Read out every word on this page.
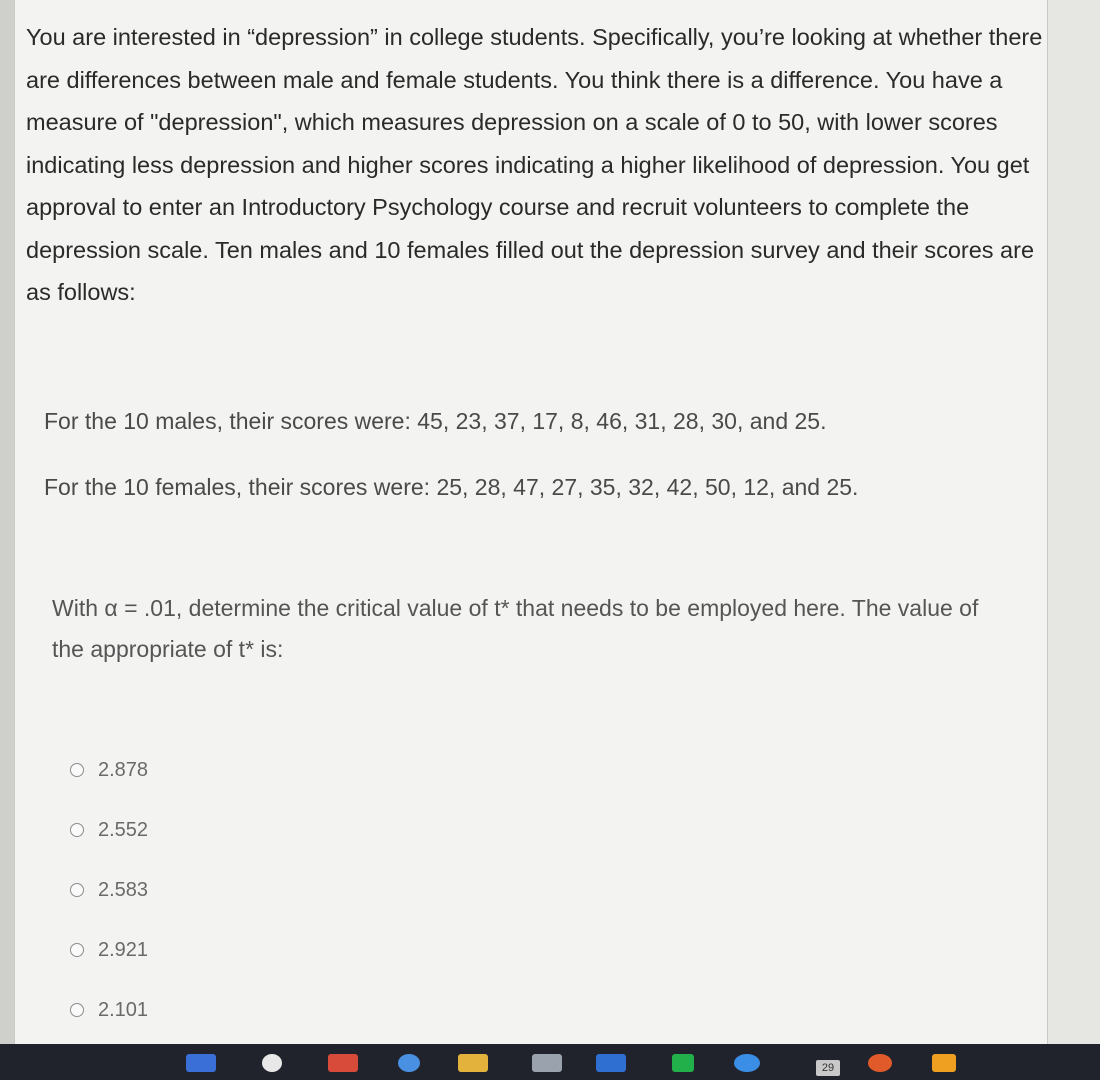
You are interested in “depression” in college students. Specifically, you’re looking at whether there are differences between male and female students. You think there is a difference. You have a measure of "depression", which measures depression on a scale of 0 to 50, with lower scores indicating less depression and higher scores indicating a higher likelihood of depression. You get approval to enter an Introductory Psychology course and recruit volunteers to complete the depression scale. Ten males and 10 females filled out the depression survey and their scores are as follows:

For the 10 males, their scores were: 45, 23, 37, 17, 8, 46, 31, 28, 30, and 25.

For the 10 females, their scores were: 25, 28, 47, 27, 35, 32, 42, 50, 12, and 25.

With α = .01, determine the critical value of t* that needs to be employed here. The value of the appropriate of t* is:

2.878
2.552
2.583
2.921
2.101
29
